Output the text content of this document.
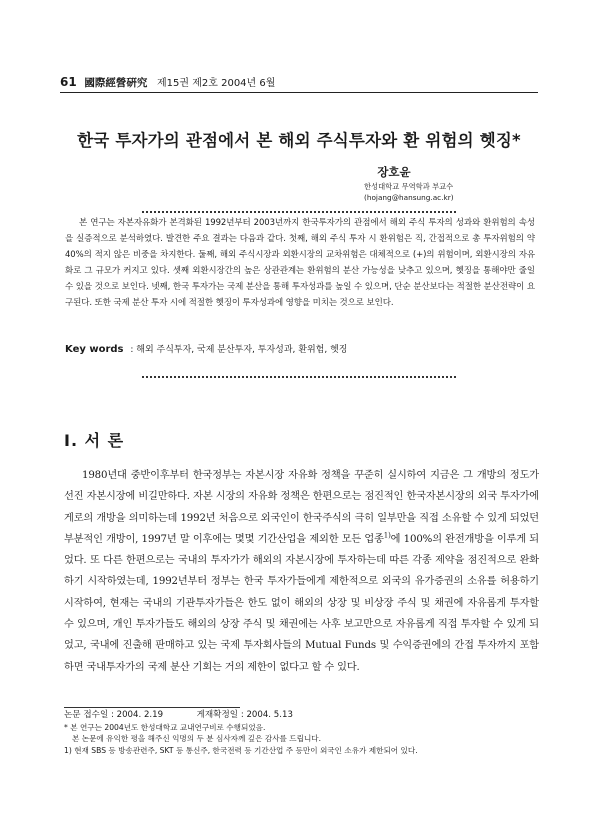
61 國際經營硏究 제15권 제2호 2004년 6월
한국 투자가의 관점에서 본 해외 주식투자와 환 위험의 헷징*
장호윤
한성대학교 무역학과 부교수
(hojang@hansung.ac.kr)
본 연구는 자본자유화가 본격화된 1992년부터 2003년까지 한국투자가의 관점에서 해외 주식 투자의 성과와 환위험의 속성을 실증적으로 분석하였다. 발견한 주요 결과는 다음과 같다. 첫째, 해외 주식 투자 시 환위험은 직, 간접적으로 총 투자위험의 약 40%의 적지 않은 비중을 차지한다. 둘째, 해외 주식시장과 외환시장의 교차위험은 대체적으로 (+)의 위험이며, 외환시장의 자유화로 그 규모가 커지고 있다. 셋째 외환시장간의 높은 상관관계는 환위험의 분산 가능성을 낮추고 있으며, 헷징을 통해야만 줄일 수 있을 것으로 보인다. 넷째, 한국 투자가는 국제 분산을 통해 투자성과를 높일 수 있으며, 단순 분산보다는 적절한 분산전략이 요구된다. 또한 국제 분산 투자 시에 적절한 헷징이 투자성과에 영향을 미치는 것으로 보인다.
Key words : 해외 주식투자, 국제 분산투자, 투자성과, 환위험, 헷징
Ⅰ. 서 론
1980년대 중반이후부터 한국정부는 자본시장 자유화 정책을 꾸준히 실시하여 지금은 그 개방의 정도가 선진 자본시장에 비길만하다. 자본 시장의 자유화 정책은 한편으로는 점진적인 한국자본시장의 외국 투자가에게로의 개방을 의미하는데 1992년 처음으로 외국인이 한국주식의 극히 일부만을 직접 소유할 수 있게 되었던 부분적인 개방이, 1997년 말 이후에는 몇몇 기간산업을 제외한 모든 업종$^{1)}$에 100%의 완전개방을 이루게 되었다. 또 다른 한편으로는 국내의 투자가가 해외의 자본시장에 투자하는데 따른 각종 제약을 점진적으로 완화하기 시작하였는데, 1992년부터 정부는 한국 투자가들에게 제한적으로 외국의 유가증권의 소유를 허용하기 시작하여, 현재는 국내의 기관투자가들은 한도 없이 해외의 상장 및 비상장 주식 및 채권에 자유롭게 투자할 수 있으며, 개인 투자가들도 해외의 상장 주식 및 채권에는 사후 보고만으로 자유롭게 직접 투자할 수 있게 되었고, 국내에 진출해 판매하고 있는 국제 투자회사들의 Mutual Funds 및 수익증권에의 간접 투자까지 포함하면 국내투자가의 국제 분산 기회는 거의 제한이 없다고 할 수 있다.
논문 접수일 : 2004. 2.19	게재확정일 : 2004. 5.13
* 본 연구는 2004년도 한성대학교 교내연구비로 수행되었음.
본 논문에 유익한 평을 해주신 익명의 두 분 심사자께 깊은 감사를 드립니다.
1) 현재 SBS 등 방송관련주, SKT 등 통신주, 한국전력 등 기간산업 주 등만이 외국인 소유가 제한되어 있다.
